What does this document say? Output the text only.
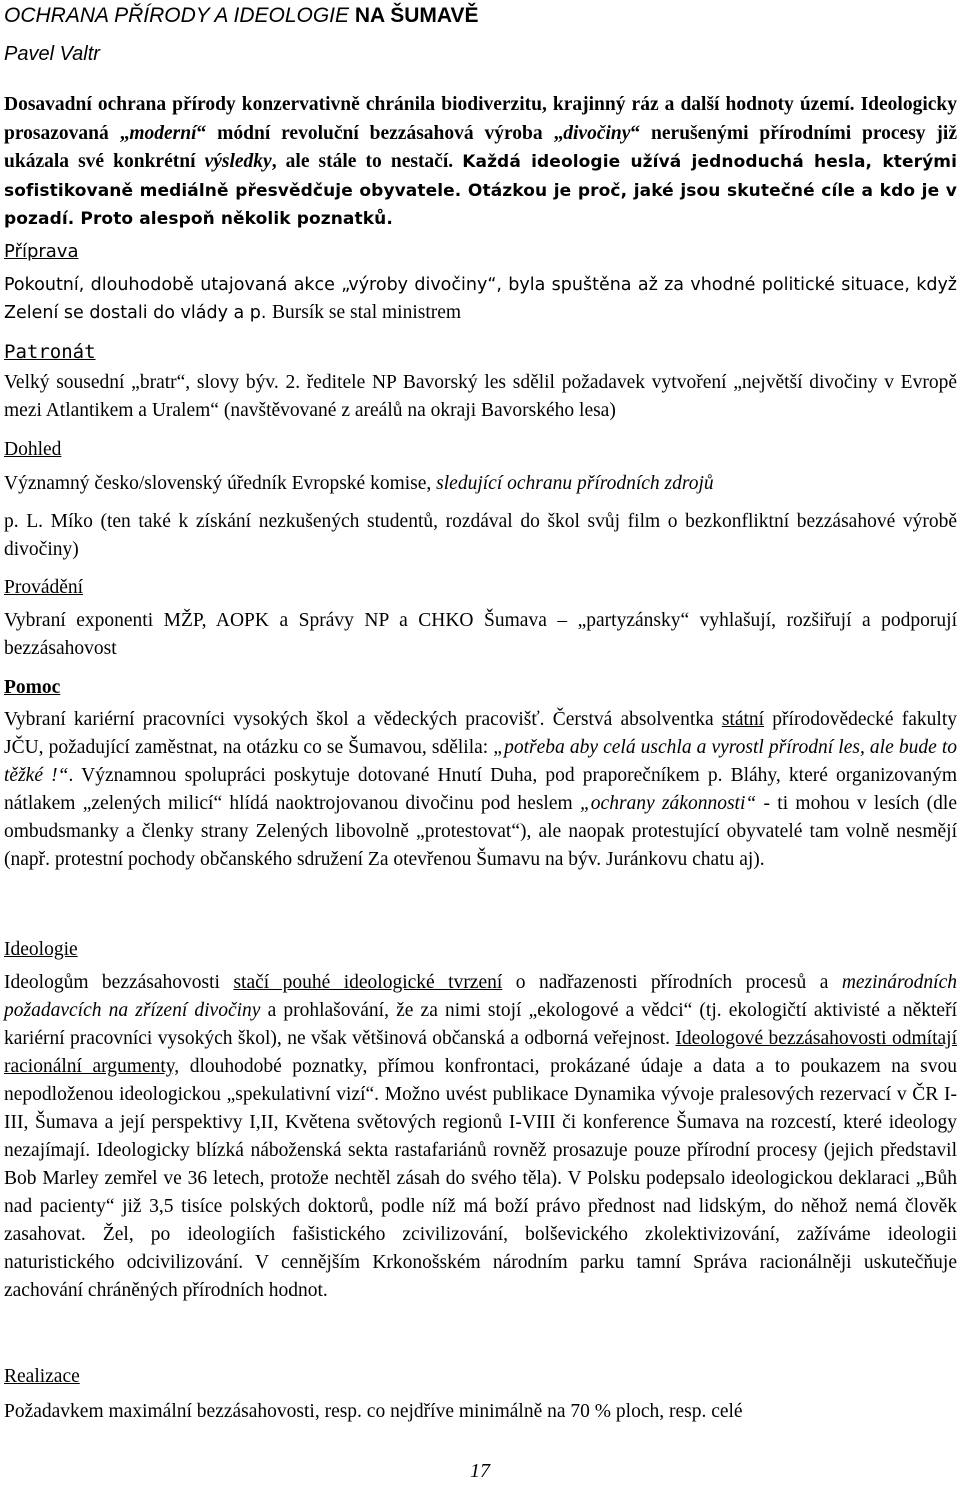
OCHRANA PŘÍRODY A IDEOLOGIE NA ŠUMAVĚ
Pavel Valtr

Dosavadní ochrana přírody konzervativně chránila biodiverzitu, krajinný ráz a další hodnoty území. Ideologicky prosazovaná „moderní“ módní revoluční bezzásahová výroba „divočiny“ nerušenými přírodními procesy již ukázala své konkrétní výsledky, ale stále to nestačí. Každá ideologie užívá jednoduchá hesla, kterými sofistikovaně mediálně přesvědčuje obyvatele. Otázkou je proč, jaké jsou skutečné cíle a kdo je v pozadí. Proto alespoň několik poznatků.

Příprava

Pokoutní, dlouhodobě utajovaná akce „výroby divočiny“, byla spuštěna až za vhodné politické situace, když Zelení se dostali do vlády a p. Bursík se stal ministrem

Patronát

Velký sousední „bratr“, slovy býv. 2. ředitele NP Bavorský les sdělil požadavek vytvoření „největší divočiny v Evropě mezi Atlantikem a Uralem“ (navštěvované z areálů na okraji Bavorského lesa)

Dohled

Významný česko/slovenský úředník Evropské komise, sledující ochranu přírodních zdrojů

p. L. Míko (ten také k získání nezkušených studentů, rozdával do škol svůj film o bezkonfliktní bezzásahové výrobě divočiny)

Provádění

Vybraní exponenti MŽP, AOPK a Správy NP a CHKO Šumava – „partyzánsky“ vyhlašují, rozšiřují a podporují bezzásahovost

Pomoc

Vybraní kariérní pracovníci vysokých škol a vědeckých pracovišť. Čerstvá absolventka státní přírodovědecké fakulty JČU, požadující zaměstnat, na otázku co se Šumavou, sdělila: „potřeba aby celá uschla a vyrostl přírodní les, ale bude to těžké !“. Významnou spolupráci poskytuje dotované Hnutí Duha, pod praporečníkem p. Bláhy, které organizovaným nátlakem „zelených milicí“ hlídá naoktrojovanou divočinu pod heslem „ochrany zákonnosti“ - ti mohou v lesích (dle ombudsmanky a členky strany Zelených libovolně „protestovat“), ale naopak protestující obyvatelé tam volně nesmějí (např. protestní pochody občanského sdružení Za otevřenou Šumavu na býv. Juránkovu chatu aj).

Ideologie

Ideologům bezzásahovosti stačí pouhé ideologické tvrzení o nadřazenosti přírodních procesů a mezinárodních požadavcích na zřízení divočiny a prohlašování, že za nimi stojí „ekologové a vědci“ (tj. ekologičtí aktivisté a někteří kariérní pracovníci vysokých škol), ne však většinová občanská a odborná veřejnost. Ideologové bezzásahovosti odmítají racionální argumenty, dlouhodobé poznatky, přímou konfrontaci, prokázané údaje a data a to poukazem na svou nepodloženou ideologickou „spekulativní vizí“. Možno uvést publikace Dynamika vývoje pralesových rezervací v ČR I-III, Šumava a její perspektivy I,II, Květena světových regionů I-VIII či konference Šumava na rozcestí, které ideology nezajímají. Ideologicky blízká náboženská sekta rastafariánů rovněž prosazuje pouze přírodní procesy (jejich představil Bob Marley zemřel ve 36 letech, protože nechtěl zásah do svého těla). V Polsku podepsalo ideologickou deklaraci „Bůh nad pacienty“ již 3,5 tisíce polských doktorů, podle níž má boží právo přednost nad lidským, do něhož nemá člověk zasahovat. Žel, po ideologiích fašistického zcivilizování, bolševického zkolektivizování, zažíváme ideologii naturistického odcivilizování. V cennějším Krkonošském národním parku tamní Správa racionálněji uskutečňuje zachování chráněných přírodních hodnot.

Realizace

Požadavkem maximální bezzásahovosti, resp. co nejdříve minimálně na 70 % ploch, resp. celé

17
